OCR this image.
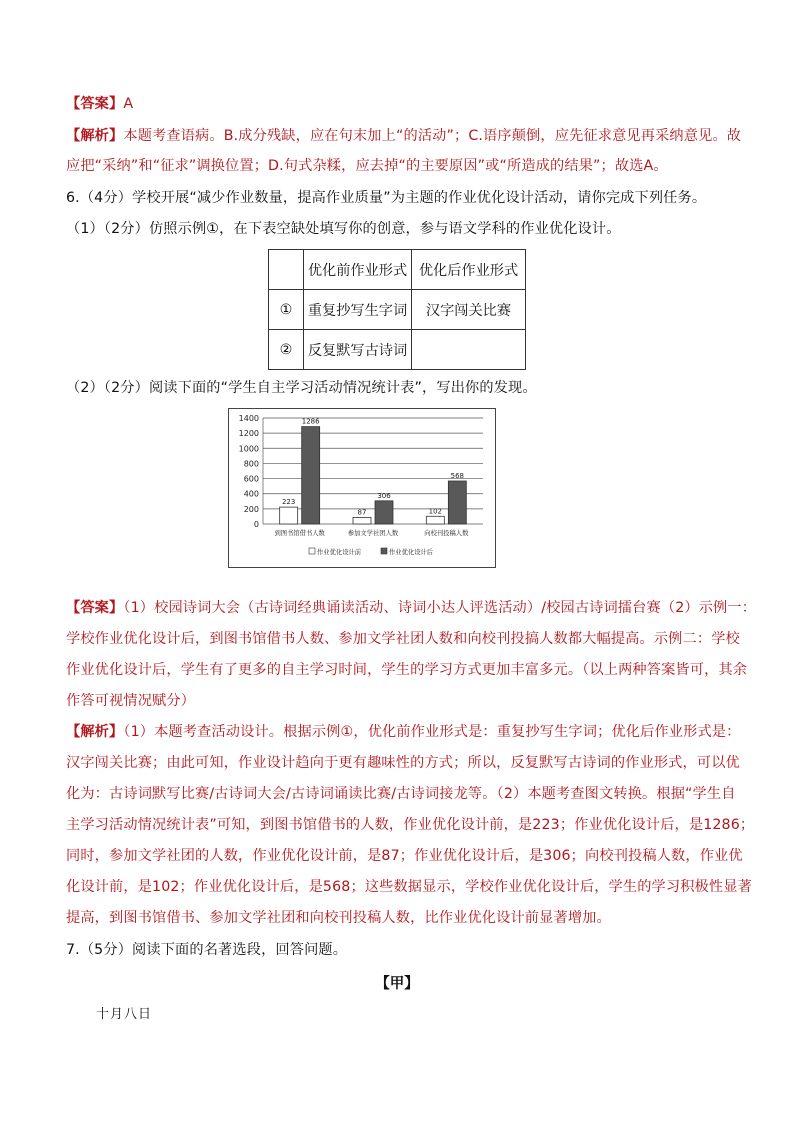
【答案】A
【解析】本题考查语病。B.成分残缺，应在句末加上“的活动”；C.语序颠倒，应先征求意见再采纳意见。故
应把“采纳”和“征求”调换位置；D.句式杂糅，应去掉“的主要原因”或“所造成的结果”；故选A。
6.（4分）学校开展“减少作业数量，提高作业质量”为主题的作业优化设计活动，请你完成下列任务。
（1）（2分）仿照示例①，在下表空缺处填写你的创意，参与语文学科的作业优化设计。
	优化前作业形式	优化后作业形式
①	重复抄写生字词	汉字闯关比赛
②	反复默写古诗词	
（2）（2分）阅读下面的“学生自主学习活动情况统计表”，写出你的发现。
0
200
400
600
800
1000
1200
1400
223
1286
到图书馆借书人数
87
306
参加文学社团人数
102
568
向校刊投稿人数
作业优化设计前	作业优化设计后
【答案】（1）校园诗词大会（古诗词经典诵读活动、诗词小达人评选活动）/校园古诗词擂台赛（2）示例一：
学校作业优化设计后，到图书馆借书人数、参加文学社团人数和向校刊投搞人数都大幅提高。示例二：学校
作业优化设计后，学生有了更多的自主学习时间，学生的学习方式更加丰富多元。（以上两种答案皆可，其余
作答可视情况赋分）
【解析】（1）本题考查活动设计。根据示例①，优化前作业形式是：重复抄写生字词；优化后作业形式是：
汉字闯关比赛；由此可知，作业设计趋向于更有趣味性的方式；所以，反复默写古诗词的作业形式，可以优
化为：古诗词默写比赛/古诗词大会/古诗词诵读比赛/古诗词接龙等。（2）本题考查图文转换。根据“学生自
主学习活动情况统计表”可知，到图书馆借书的人数，作业优化设计前，是223；作业优化设计后，是1286；
同时，参加文学社团的人数，作业优化设计前，是87；作业优化设计后，是306；向校刊投稿人数，作业优
化设计前，是102；作业优化设计后，是568；这些数据显示，学校作业优化设计后，学生的学习积极性显著
提高，到图书馆借书、参加文学社团和向校刊投稿人数，比作业优化设计前显著增加。
7.（5分）阅读下面的名著选段，回答问题。
【甲】
十月八日
